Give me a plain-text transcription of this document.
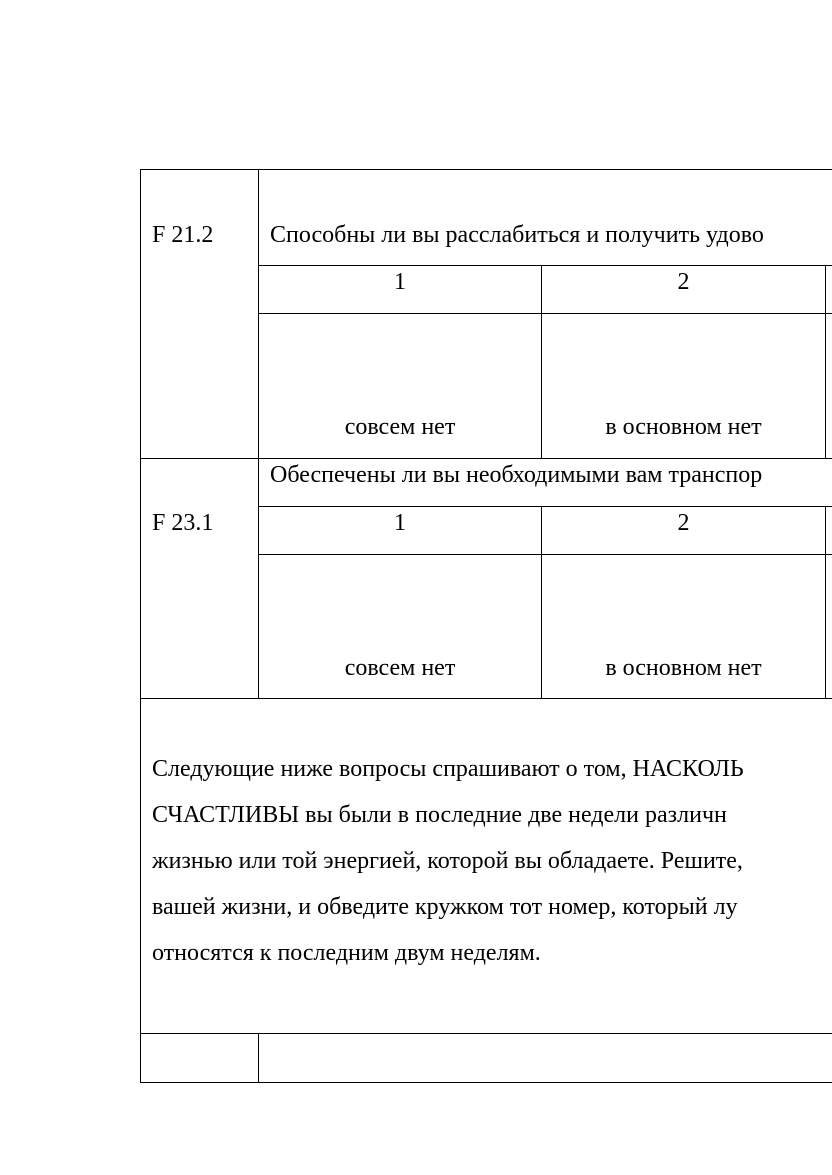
F 21.2 Способны ли вы расслабиться и получить удово
1	2
совсем нет	в основном нет
F 23.1
Обеспечены ли вы необходимыми вам транспор
1	2
совсем нет	в основном нет
Следующие ниже вопросы спрашивают о том, НАСКОЛЬ
СЧАСТЛИВЫ вы были в последние две недели различн
жизнью или той энергией, которой вы обладаете. Решите,
вашей жизни, и обведите кружком тот номер, который лу
относятся к последним двум неделям.
